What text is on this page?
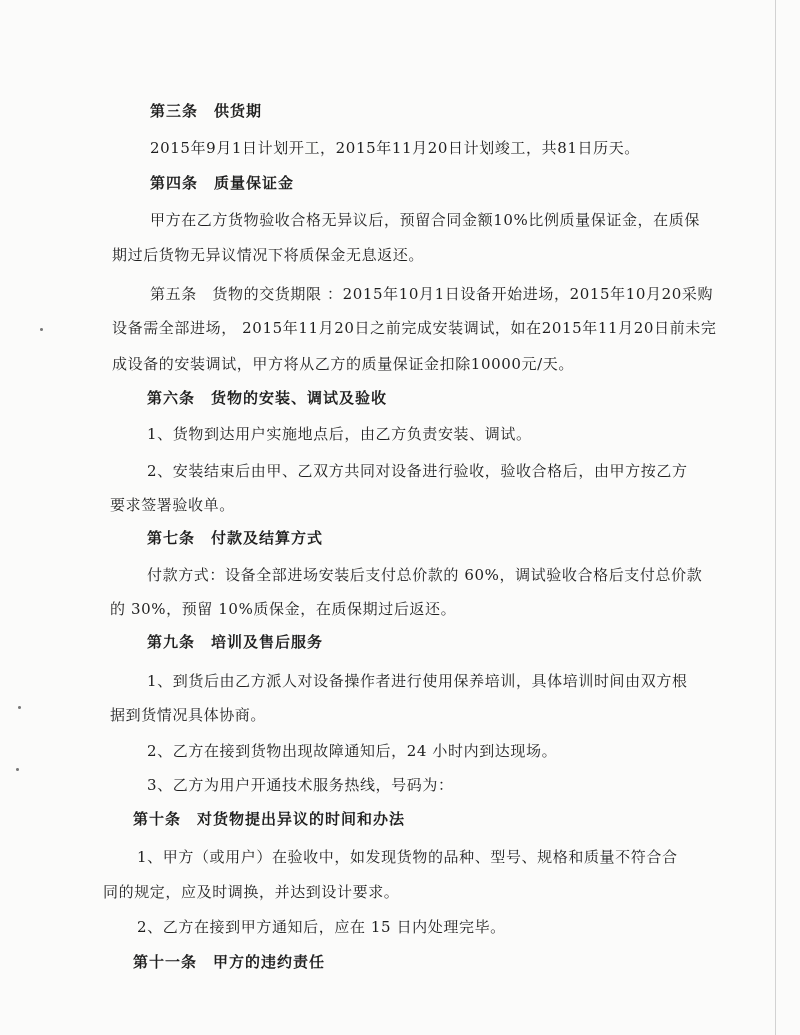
第三条　供货期
2015年9月1日计划开工，2015年11月20日计划竣工，共81日历天。
第四条　质量保证金
甲方在乙方货物验收合格无异议后，预留合同金额10%比例质量保证金，在质保
期过后货物无异议情况下将质保金无息返还。
第五条　货物的交货期限 ：2015年10月1日设备开始进场，2015年10月20采购
设备需全部进场， 2015年11月20日之前完成安装调试，如在2015年11月20日前未完
成设备的安装调试，甲方将从乙方的质量保证金扣除10000元/天。
第六条　货物的安装、调试及验收
1、货物到达用户实施地点后，由乙方负责安装、调试。
2、安装结束后由甲、乙双方共同对设备进行验收，验收合格后，由甲方按乙方
要求签署验收单。
第七条　付款及结算方式
付款方式：设备全部进场安装后支付总价款的 60%，调试验收合格后支付总价款
的 30%，预留 10%质保金，在质保期过后返还。
第九条　培训及售后服务
1、到货后由乙方派人对设备操作者进行使用保养培训，具体培训时间由双方根
据到货情况具体协商。
2、乙方在接到货物出现故障通知后，24 小时内到达现场。
3、乙方为用户开通技术服务热线，号码为：
第十条　对货物提出异议的时间和办法
1、甲方（或用户）在验收中，如发现货物的品种、型号、规格和质量不符合合
同的规定，应及时调换，并达到设计要求。
2、乙方在接到甲方通知后，应在 15 日内处理完毕。
第十一条　甲方的违约责任
